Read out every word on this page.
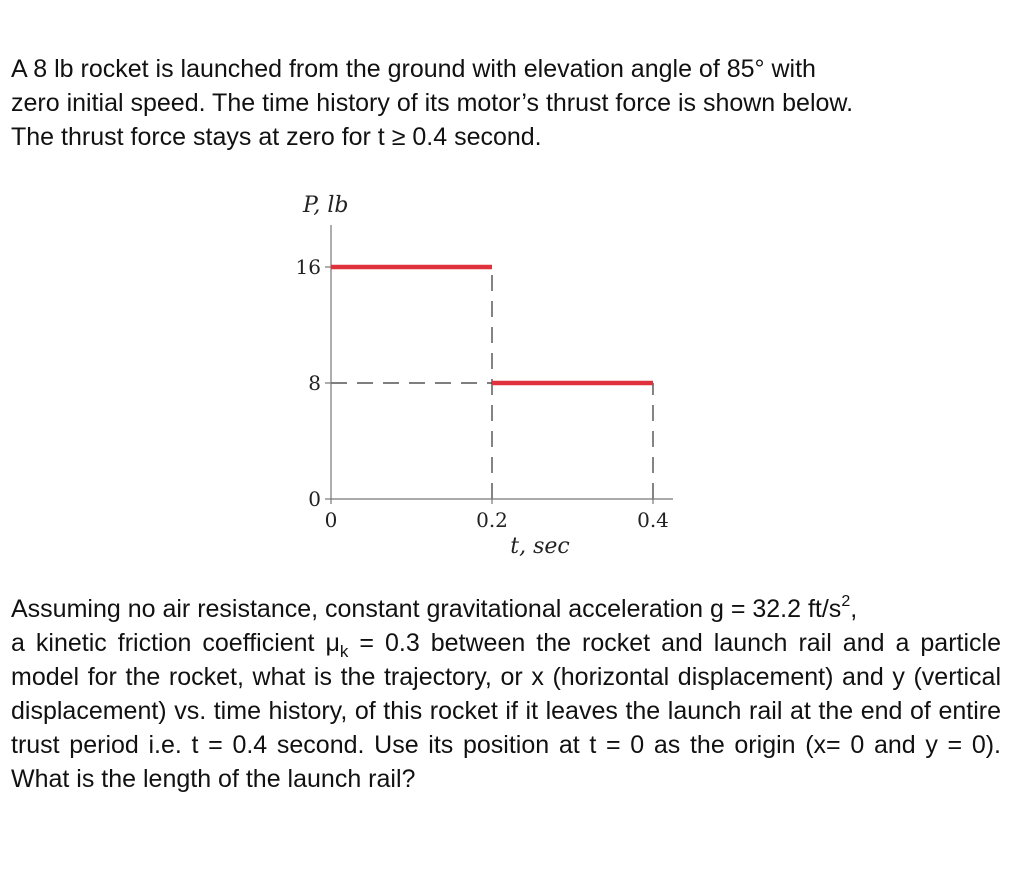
A 8 lb rocket is launched from the ground with elevation angle of 85° with

zero initial speed. The time history of its motor’s thrust force is shown below.

The thrust force stays at zero for t ≥ 0.4 second.

0
8
16
0	0.2	0.4
P, lb
t, sec

Assuming no air resistance, constant gravitational acceleration g = 32.2 $ft/s^2$,

a kinetic friction coefficient $\mu_k = 0.3$ between the rocket and launch rail and a particle model for the rocket, what is the trajectory, or x (horizontal displacement) and y (vertical displacement) vs. time history, of this rocket if it leaves the launch rail at the end of entire trust period i.e. t = 0.4 second. Use its position at t = 0 as the origin (x= 0 and y = 0). What is the length of the launch rail?
